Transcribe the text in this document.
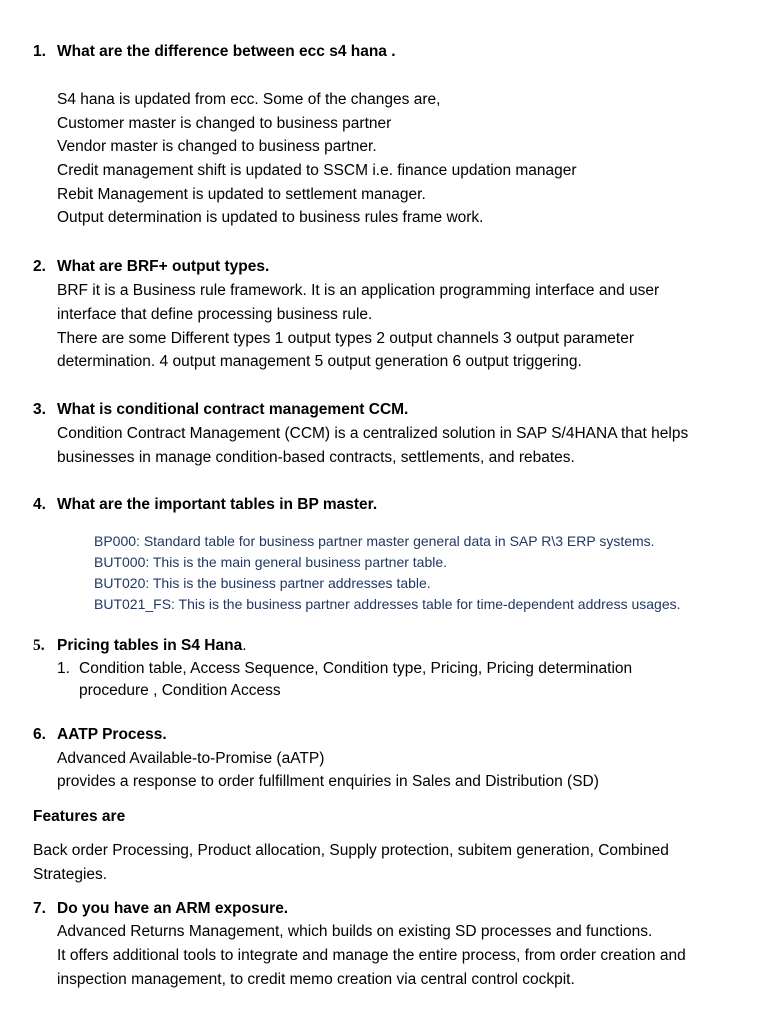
1. What are the difference between ecc s4 hana .
S4 hana is updated from ecc. Some of the changes are,
Customer master is changed to business partner
Vendor master is changed to business partner.
Credit management shift is updated to SSCM i.e. finance updation manager
Rebit Management is updated to settlement manager.
Output determination is updated to business rules frame work.
2. What are BRF+ output types.
BRF it is a Business rule framework. It is an application programming interface and user
interface that define processing business rule.
There are some Different types 1 output types 2 output channels 3 output parameter
determination. 4 output management 5 output generation 6 output triggering.
3. What is conditional contract management CCM.
Condition Contract Management (CCM) is a centralized solution in SAP S/4HANA that helps
businesses in manage condition-based contracts, settlements, and rebates.
4. What are the important tables in BP master.
BP000: Standard table for business partner master general data in SAP R\3 ERP systems.
BUT000: This is the main general business partner table.
BUT020: This is the business partner addresses table.
BUT021_FS: This is the business partner addresses table for time-dependent address usages.
5. Pricing tables in S4 Hana.
1. Condition table, Access Sequence, Condition type, Pricing, Pricing determination
procedure , Condition Access
6. AATP Process.
Advanced Available-to-Promise (aATP)
provides a response to order fulfillment enquiries in Sales and Distribution (SD)
Features are
Back order Processing, Product allocation, Supply protection, subitem generation, Combined
Strategies.
7. Do you have an ARM exposure.
Advanced Returns Management, which builds on existing SD processes and functions.
It offers additional tools to integrate and manage the entire process, from order creation and
inspection management, to credit memo creation via central control cockpit.
